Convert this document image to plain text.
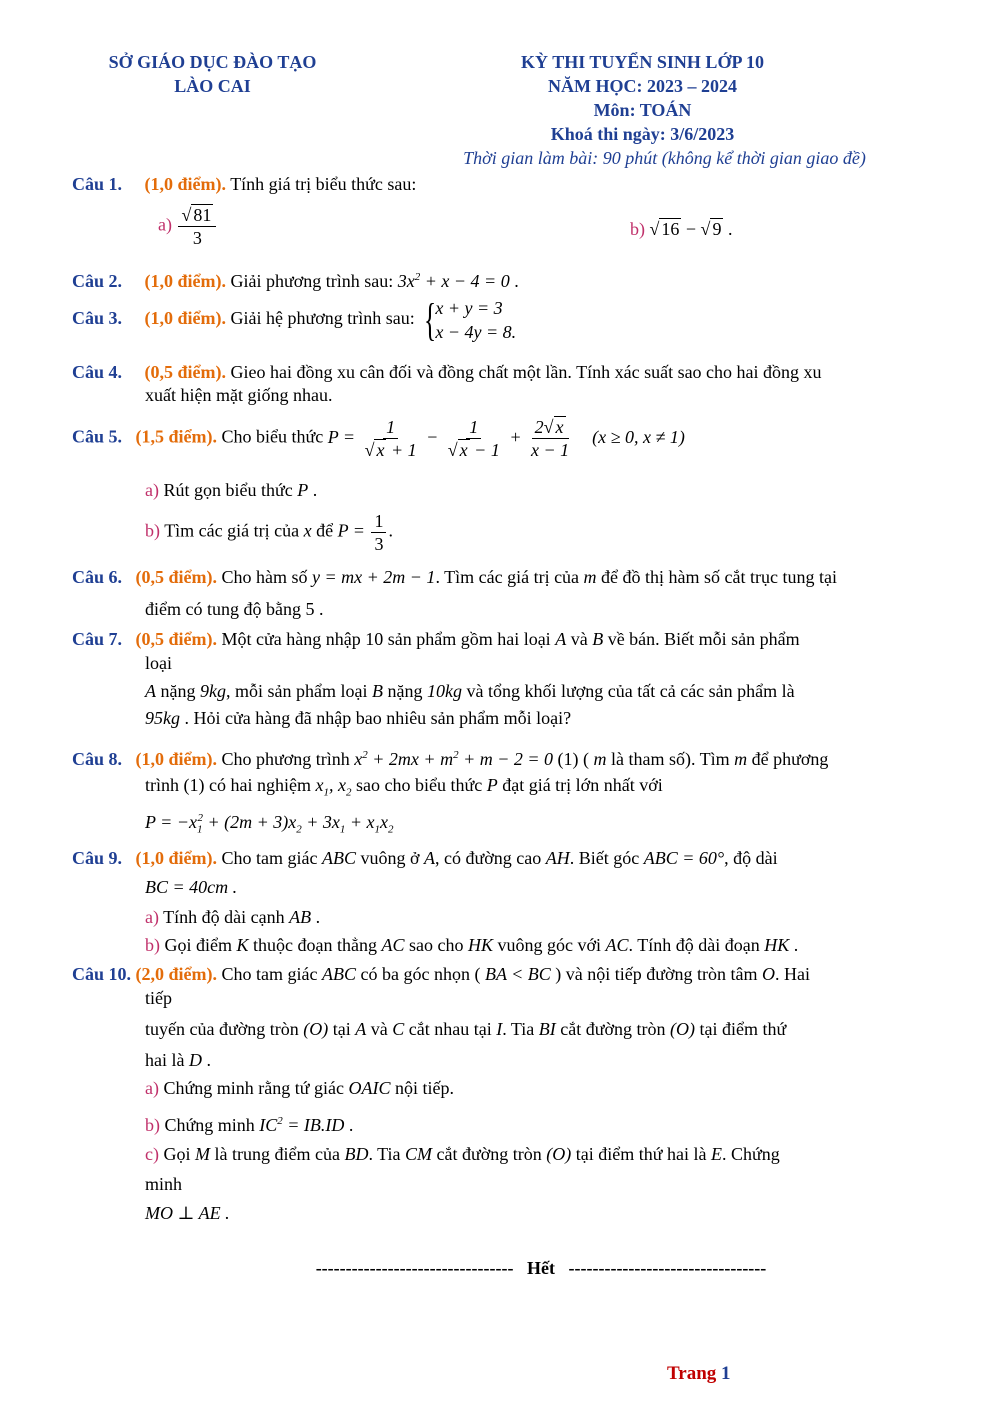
SỞ GIÁO DỤC ĐÀO TẠO
LÀO CAI
KỲ THI TUYỂN SINH LỚP 10
NĂM HỌC: 2023 – 2024
Môn: TOÁN
Khoá thi ngày: 3/6/2023
Thời gian làm bài: 90 phút (không kể thời gian giao đề)
Câu 1. (1,0 điểm). Tính giá trị biểu thức sau:
$a) \frac{√ 81}{3}$	b) √ 16 − √ 9 .
Câu 2. (1,0 điểm). Giải phương trình sau: $3x^2 + x - 4 = 0$ .
Câu 3. (1,0 điểm). Giải hệ phương trình sau: {x + y = 3
x − 4y = 8.
Câu 4. (0,5 điểm). Gieo hai đồng xu cân đối và đồng chất một lần. Tính xác suất sao cho hai đồng xu
xuất hiện mặt giống nhau.
Câu 5. (1,5 điểm). Cho biểu thức $P = \frac{1}{√ x + 1} - \frac{1}{√ x - 1} + \frac{2√ x}{x - 1} (x \ge 0$, x ≠ 1)
a) Rút gọn biểu thức P .
b) Tìm các giá trị của x để $P = \frac{1}{3}$ .
Câu 6. (0,5 điểm). Cho hàm số y = mx + 2m − 1. Tìm các giá trị của m để đồ thị hàm số cắt trục tung tại
điểm có tung độ bằng 5 .
Câu 7. (0,5 điểm). Một cửa hàng nhập 10 sản phẩm gồm hai loại A và B về bán. Biết mỗi sản phẩm
loại
A nặng 9kg, mỗi sản phẩm loại B nặng 10kg và tổng khối lượng của tất cả các sản phẩm là
95kg . Hỏi cửa hàng đã nhập bao nhiêu sản phẩm mỗi loại?
Câu 8. (1,0 điểm). Cho phương trình $x^2 + 2mx + m^2 + m - 2 = 0$ (1) ( m là tham số). Tìm m để phương
trình (1) có hai nghiệm $x_1$, $x_2$ sao cho biểu thức P đạt giá trị lớn nhất với
$P = -x_1^2 + (2m + 3)x_2 + 3x_1 + x_1x_2$
Câu 9. (1,0 điểm). Cho tam giác ABC vuông ở A, có đường cao AH. Biết góc ABC = 60°, độ dài
BC = 40cm .
a) Tính độ dài cạnh AB .
b) Gọi điểm K thuộc đoạn thẳng AC sao cho HK vuông góc với AC. Tính độ dài đoạn HK .
Câu 10. (2,0 điểm). Cho tam giác ABC có ba góc nhọn ( BA < BC ) và nội tiếp đường tròn tâm O. Hai
tiếp
tuyến của đường tròn (O) tại A và C cắt nhau tại I. Tia BI cắt đường tròn (O) tại điểm thứ
hai là D .
a) Chứng minh rằng tứ giác OAIC nội tiếp.
b) Chứng minh $IC^2 = IB.ID$ .
c) Gọi M là trung điểm của BD. Tia CM cắt đường tròn (O) tại điểm thứ hai là E. Chứng
minh
MO ⊥ AE .
--------------------------------- Hết ---------------------------------
Trang 1
